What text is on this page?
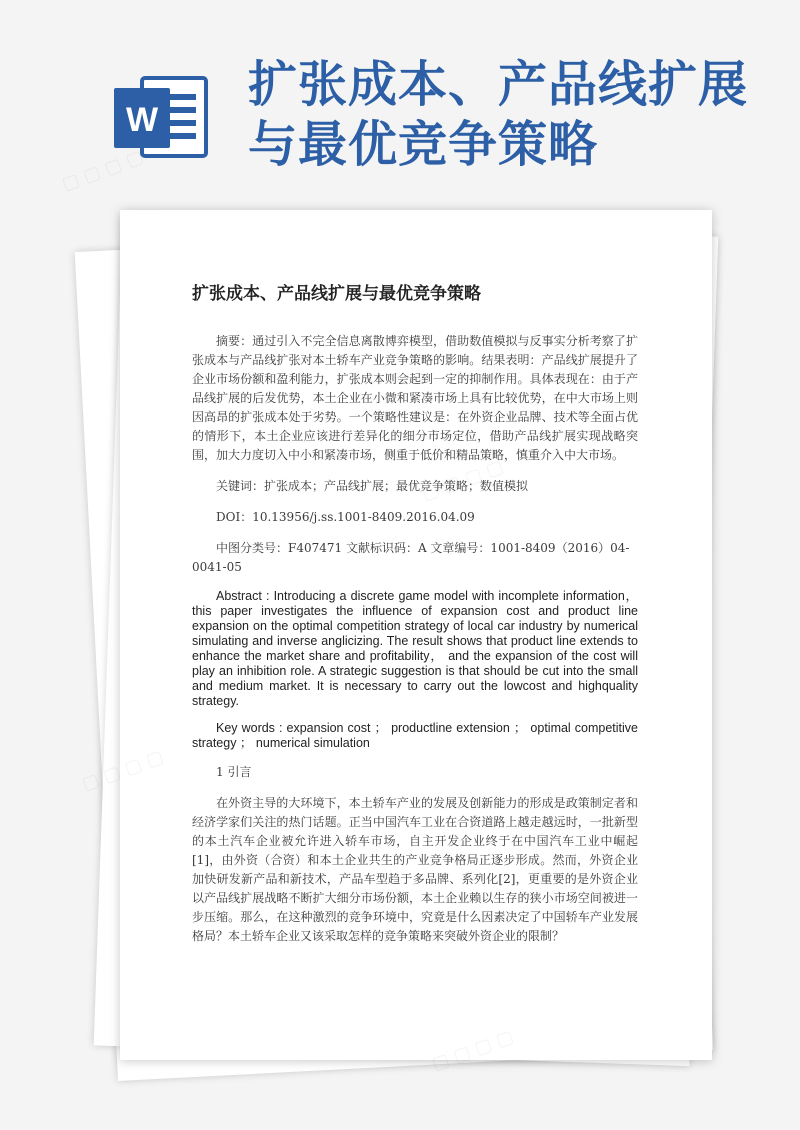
W
扩张成本、产品线扩展与最优竞争策略
▢ ▢ ▢ ▢
▢
扩张成本、产品线扩展与最优竞争策略

摘要：通过引入不完全信息离散博弈模型，借助数值模拟与反事实分析考察了扩张成本与产品线扩张对本土轿车产业竞争策略的影响。结果表明：产品线扩展提升了企业市场份额和盈利能力，扩张成本则会起到一定的抑制作用。具体表现在：由于产品线扩展的后发优势，本土企业在小微和紧凑市场上具有比较优势，在中大市场上则因高昂的扩张成本处于劣势。一个策略性建议是：在外资企业品牌、技术等全面占优的情形下，本土企业应该进行差异化的细分市场定位，借助产品线扩展实现战略突围，加大力度切入中小和紧凑市场，侧重于低价和精品策略，慎重介入中大市场。

关键词：扩张成本；产品线扩展；最优竞争策略；数值模拟

DOI：10.13956/j.ss.1001-8409.2016.04.09

中图分类号：F407471 文献标识码：A 文章编号：1001-8409（2016）04-0041-05

Abstract : Introducing a discrete game model with incomplete information， this paper investigates the influence of expansion cost and product line expansion on the optimal competition strategy of local car industry by numerical simulating and inverse anglicizing. The result shows that product line extends to enhance the market share and profitability， and the expansion of the cost will play an inhibition role. A strategic suggestion is that should be cut into the small and medium market. It is necessary to carry out the lowcost and highquality strategy.

Key words : expansion cost ； productline extension ； optimal competitive strategy ； numerical simulation

1 引言

在外资主导的大环境下，本土轿车产业的发展及创新能力的形成是政策制定者和经济学家们关注的热门话题。正当中国汽车工业在合资道路上越走越远时，一批新型的本土汽车企业被允许进入轿车市场，自主开发企业终于在中国汽车工业中崛起[1]，由外资（合资）和本土企业共生的产业竞争格局正逐步形成。然而，外资企业加快研发新产品和新技术，产品车型趋于多品牌、系列化[2]，更重要的是外资企业以产品线扩展战略不断扩大细分市场份额，本土企业赖以生存的狭小市场空间被进一步压缩。那么，在这种激烈的竞争环境中，究竟是什么因素决定了中国轿车产业发展格局？本土轿车企业又该采取怎样的竞争策略来突破外资企业的限制？
